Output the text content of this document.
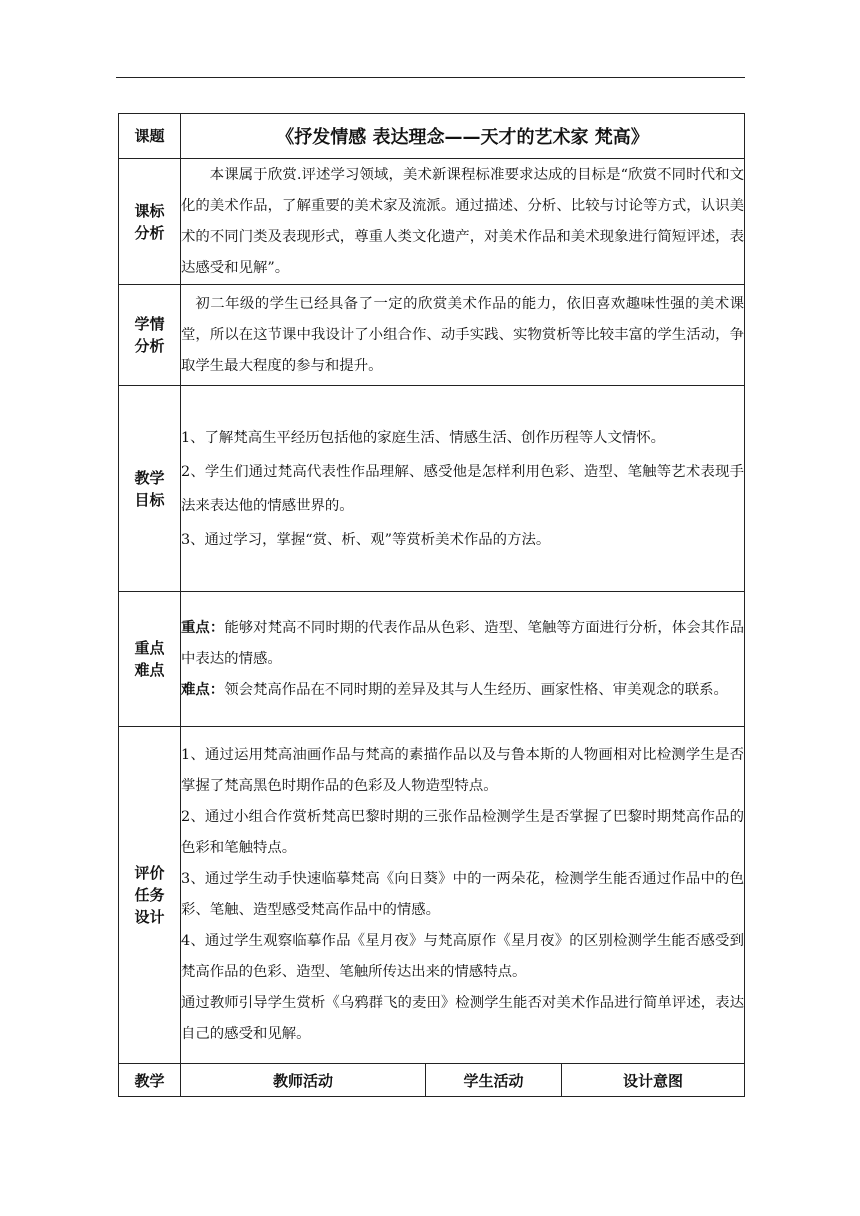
课题	《抒发情感 表达理念——天才的艺术家 梵高》		
课标分析	本课属于欣赏.评述学习领域，美术新课程标准要求达成的目标是“欣赏不同时代和文化的美术作品，了解重要的美术家及流派。通过描述、分析、比较与讨论等方式，认识美术的不同门类及表现形式，尊重人类文化遗产，对美术作品和美术现象进行简短评述，表达感受和见解”。		

学情分析	初二年级的学生已经具备了一定的欣赏美术作品的能力，依旧喜欢趣味性强的美术课堂，所以在这节课中我设计了小组合作、动手实践、实物赏析等比较丰富的学生活动，争取学生最大程度的参与和提升。		

教学目标	1、了解梵高生平经历包括他的家庭生活、情感生活、创作历程等人文情怀。

2、学生们通过梵高代表性作品理解、感受他是怎样利用色彩、造型、笔触等艺术表现手法来表达他的情感世界的。

3、通过学习，掌握“赏、析、观”等赏析美术作品的方法。		

重点难点	重点：能够对梵高不同时期的代表作品从色彩、造型、笔触等方面进行分析，体会其作品中表达的情感。

难点：领会梵高作品在不同时期的差异及其与人生经历、画家性格、审美观念的联系。		

评价任务设计	1、通过运用梵高油画作品与梵高的素描作品以及与鲁本斯的人物画相对比检测学生是否掌握了梵高黑色时期作品的色彩及人物造型特点。

2、通过小组合作赏析梵高巴黎时期的三张作品检测学生是否掌握了巴黎时期梵高作品的色彩和笔触特点。

3、通过学生动手快速临摹梵高《向日葵》中的一两朵花，检测学生能否通过作品中的色彩、笔触、造型感受梵高作品中的情感。

4、通过学生观察临摹作品《星月夜》与梵高原作《星月夜》的区别检测学生能否感受到梵高作品的色彩、造型、笔触所传达出来的情感特点。

通过教师引导学生赏析《乌鸦群飞的麦田》检测学生能否对美术作品进行简单评述，表达自己的感受和见解。		

教学	教师活动	学生活动	设计意图
